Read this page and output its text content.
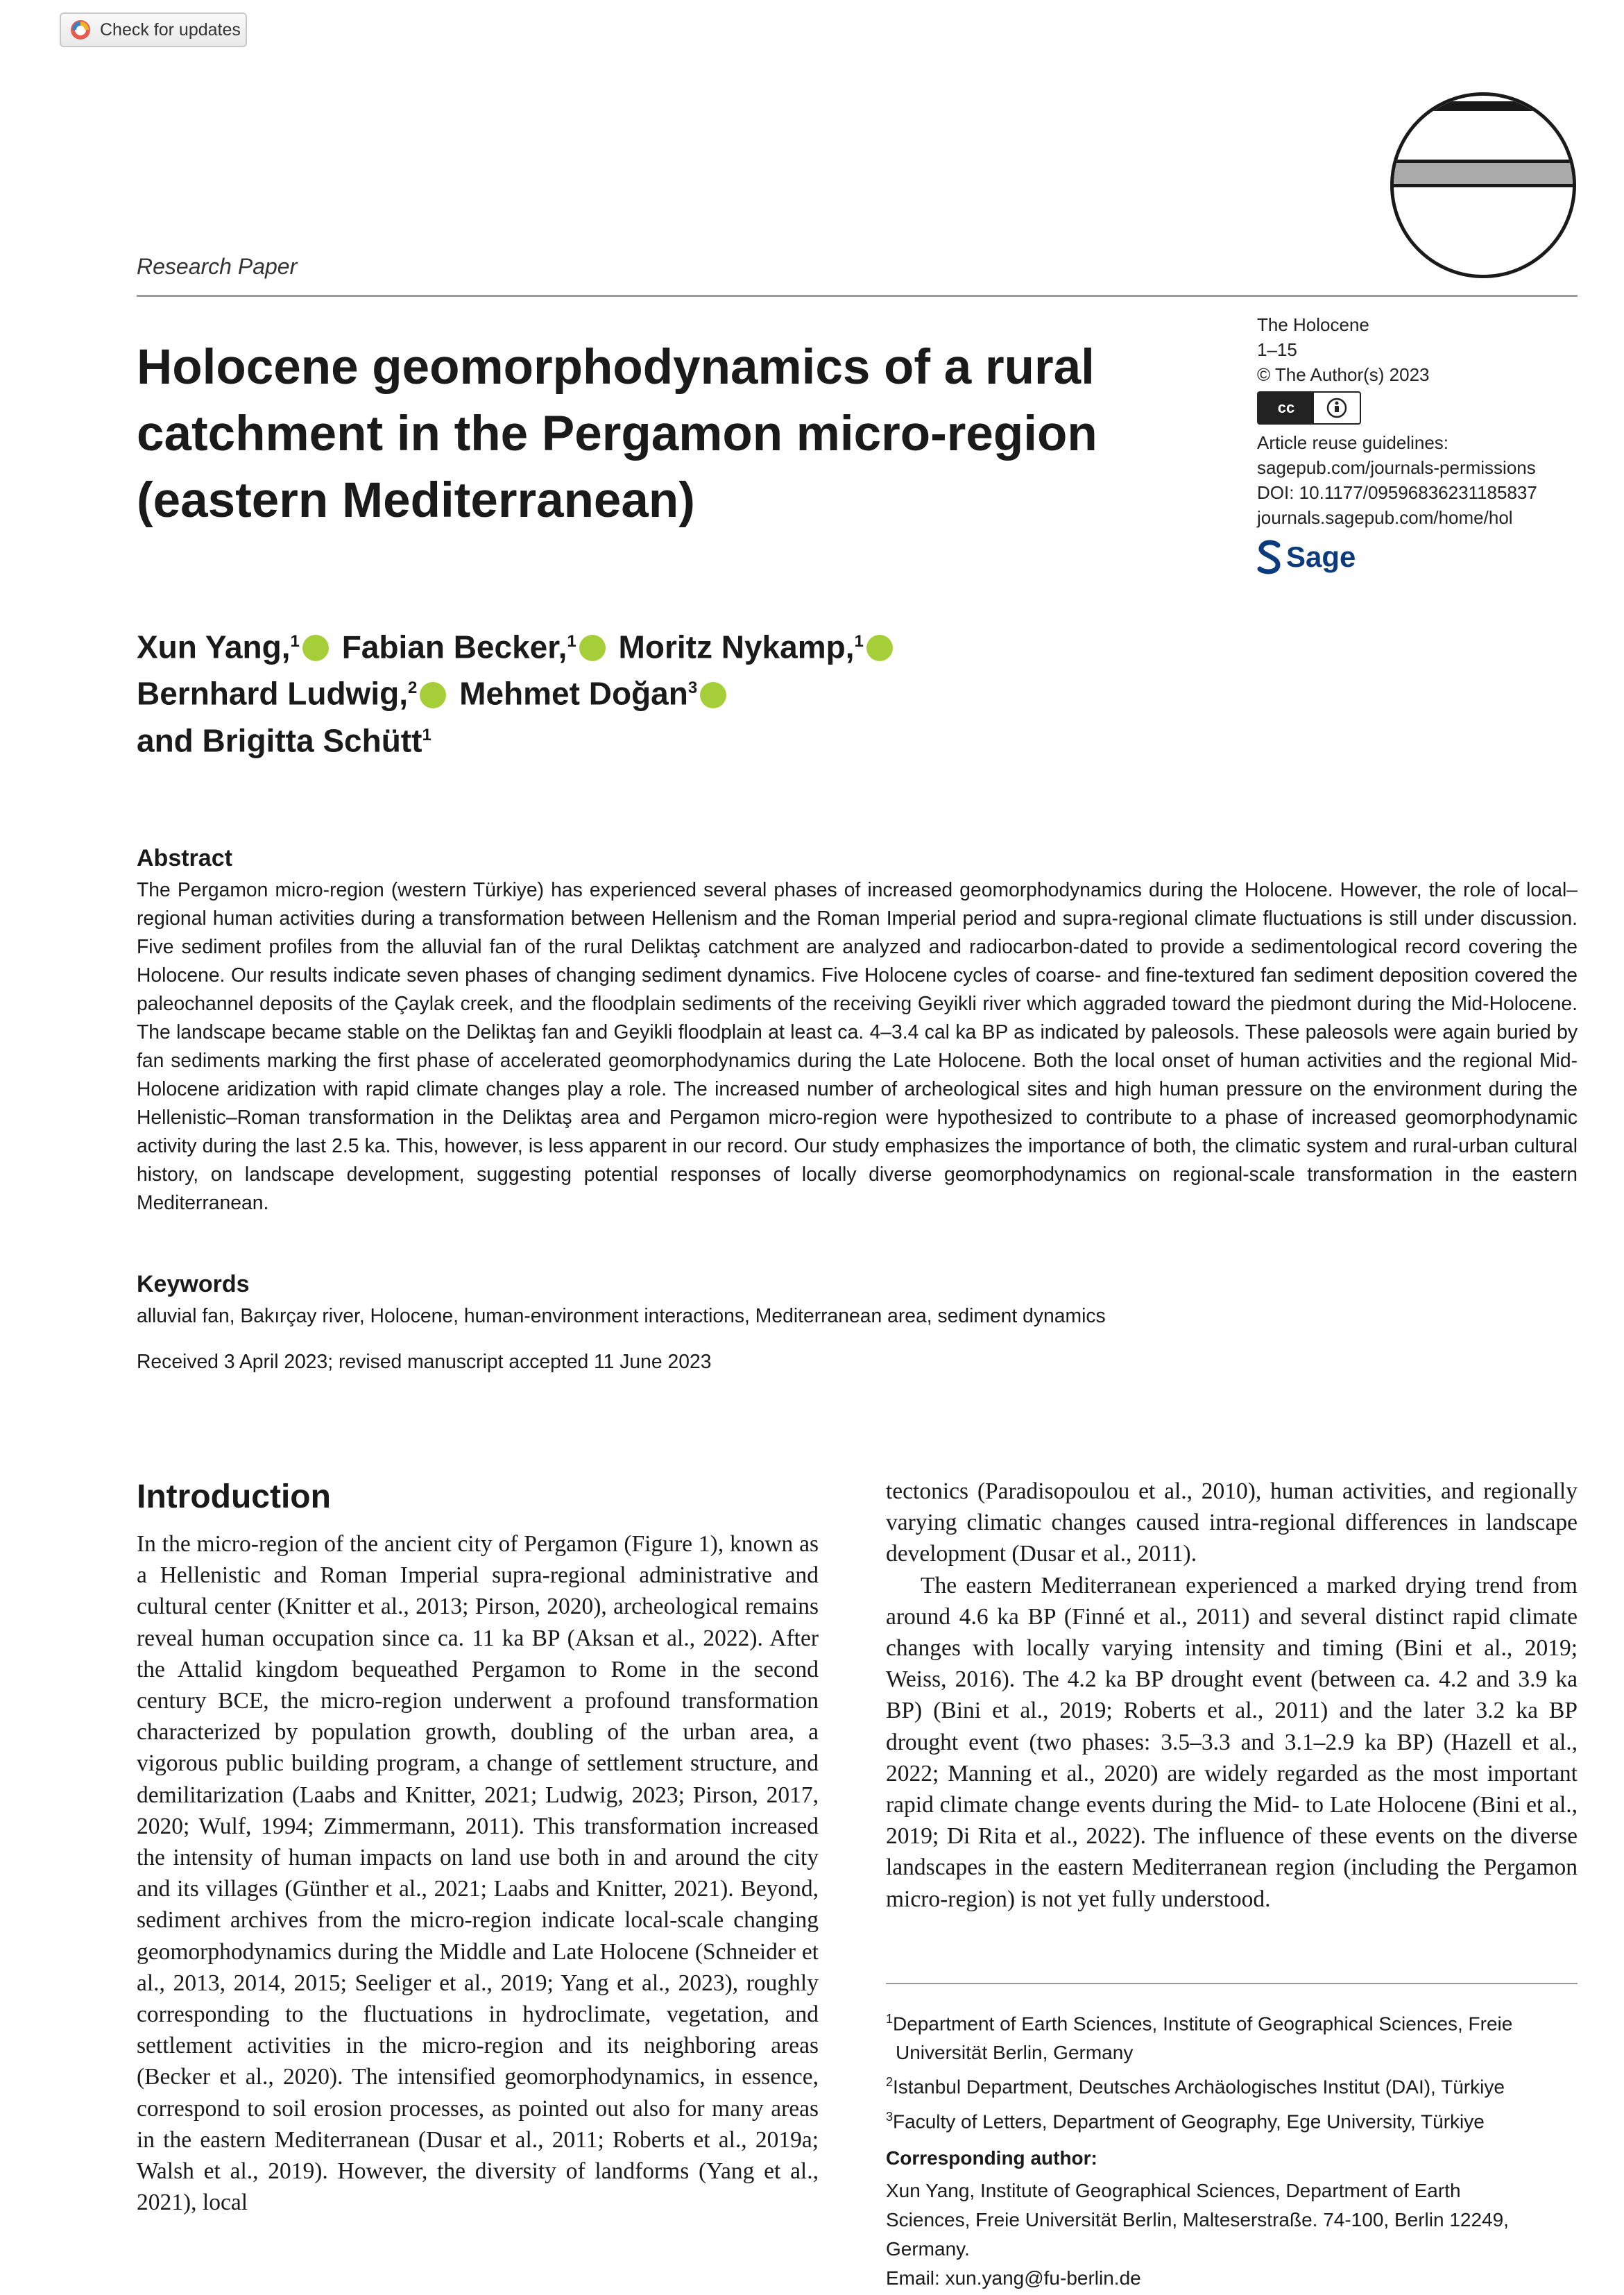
Check for updates
Research Paper
Holocene geomorphodynamics of a rural catchment in the Pergamon micro-region (eastern Mediterranean)
The Holocene
1–15
© The Author(s) 2023
cc
Article reuse guidelines:
sagepub.com/journals-permissions
DOI: 10.1177/09596836231185837
journals.sagepub.com/home/hol
Sage
Xun Yang,$^1$ Fabian Becker,$^1$ Moritz Nykamp,$^1$
Bernhard Ludwig,$^2$ Mehmet Doğan$^3$
and Brigitta Schütt$^1$
Abstract

The Pergamon micro-region (western Türkiye) has experienced several phases of increased geomorphodynamics during the Holocene. However, the role of local–regional human activities during a transformation between Hellenism and the Roman Imperial period and supra-regional climate fluctuations is still under discussion. Five sediment profiles from the alluvial fan of the rural Deliktaş catchment are analyzed and radiocarbon-dated to provide a sedimentological record covering the Holocene. Our results indicate seven phases of changing sediment dynamics. Five Holocene cycles of coarse- and fine-textured fan sediment deposition covered the paleochannel deposits of the Çaylak creek, and the floodplain sediments of the receiving Geyikli river which aggraded toward the piedmont during the Mid-Holocene. The landscape became stable on the Deliktaş fan and Geyikli floodplain at least ca. 4–3.4 cal ka BP as indicated by paleosols. These paleosols were again buried by fan sediments marking the first phase of accelerated geomorphodynamics during the Late Holocene. Both the local onset of human activities and the regional Mid-Holocene aridization with rapid climate changes play a role. The increased number of archeological sites and high human pressure on the environment during the Hellenistic–Roman transformation in the Deliktaş area and Pergamon micro-region were hypothesized to contribute to a phase of increased geomorphodynamic activity during the last 2.5 ka. This, however, is less apparent in our record. Our study emphasizes the importance of both, the climatic system and rural-urban cultural history, on landscape development, suggesting potential responses of locally diverse geomorphodynamics on regional-scale transformation in the eastern Mediterranean.

Keywords
alluvial fan, Bakırçay river, Holocene, human-environment interactions, Mediterranean area, sediment dynamics
Received 3 April 2023; revised manuscript accepted 11 June 2023
Introduction

In the micro-region of the ancient city of Pergamon (Figure 1), known as a Hellenistic and Roman Imperial supra-regional administrative and cultural center (Knitter et al., 2013; Pirson, 2020), archeological remains reveal human occupation since ca. 11 ka BP (Aksan et al., 2022). After the Attalid kingdom bequeathed Pergamon to Rome in the second century BCE, the micro-region underwent a profound transformation characterized by population growth, doubling of the urban area, a vigorous public building program, a change of settlement structure, and demilitarization (Laabs and Knitter, 2021; Ludwig, 2023; Pirson, 2017, 2020; Wulf, 1994; Zimmermann, 2011). This transformation increased the intensity of human impacts on land use both in and around the city and its villages (Günther et al., 2021; Laabs and Knitter, 2021). Beyond, sediment archives from the micro-region indicate local-scale changing geomorphodynamics during the Middle and Late Holocene (Schneider et al., 2013, 2014, 2015; Seeliger et al., 2019; Yang et al., 2023), roughly corresponding to the fluctuations in hydroclimate, vegetation, and settlement activities in the micro-region and its neighboring areas (Becker et al., 2020). The intensified geomorphodynamics, in essence, correspond to soil erosion processes, as pointed out also for many areas in the eastern Mediterranean (Dusar et al., 2011; Roberts et al., 2019a; Walsh et al., 2019). However, the diversity of landforms (Yang et al., 2021), local

tectonics (Paradisopoulou et al., 2010), human activities, and regionally varying climatic changes caused intra-regional differences in landscape development (Dusar et al., 2011).

The eastern Mediterranean experienced a marked drying trend from around 4.6 ka BP (Finné et al., 2011) and several distinct rapid climate changes with locally varying intensity and timing (Bini et al., 2019; Weiss, 2016). The 4.2 ka BP drought event (between ca. 4.2 and 3.9 ka BP) (Bini et al., 2019; Roberts et al., 2011) and the later 3.2 ka BP drought event (two phases: 3.5–3.3 and 3.1–2.9 ka BP) (Hazell et al., 2022; Manning et al., 2020) are widely regarded as the most important rapid climate change events during the Mid- to Late Holocene (Bini et al., 2019; Di Rita et al., 2022). The influence of these events on the diverse landscapes in the eastern Mediterranean region (including the Pergamon micro-region) is not yet fully understood.

$^1$Department of Earth Sciences, Institute of Geographical Sciences, Freie
Universität Berlin, Germany
$^2$Istanbul Department, Deutsches Archäologisches Institut (DAI), Türkiye
$^3$Faculty of Letters, Department of Geography, Ege University, Türkiye
Corresponding author:
Xun Yang, Institute of Geographical Sciences, Department of Earth
Sciences, Freie Universität Berlin, Malteserstraße. 74-100, Berlin 12249,
Germany.
Email: xun.yang@fu-berlin.de
